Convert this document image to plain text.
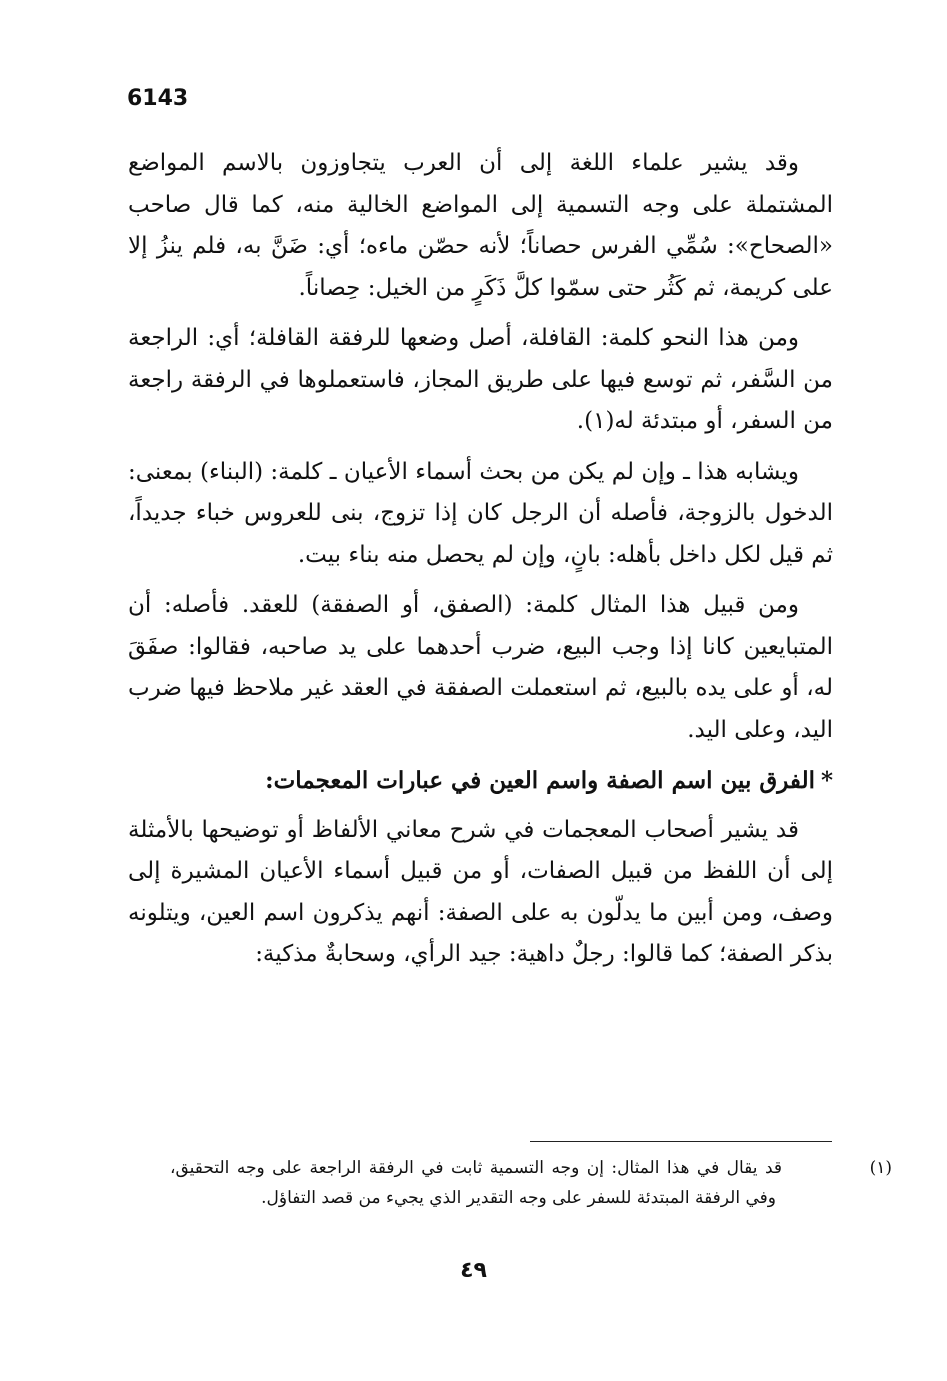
6143

وقد يشير علماء اللغة إلى أن العرب يتجاوزون بالاسم المواضع المشتملة على وجه التسمية إلى المواضع الخالية منه، كما قال صاحب «الصحاح»: سُمِّي الفرس حصاناً؛ لأنه حصّن ماءه؛ أي: ضَنَّ به، فلم ينزُ إلا على كريمة، ثم كَثُر حتى سمّوا كلَّ ذَكَرٍ من الخيل: حِصاناً.

ومن هذا النحو كلمة: القافلة، أصل وضعها للرفقة القافلة؛ أي: الراجعة من السَّفر، ثم توسع فيها على طريق المجاز، فاستعملوها في الرفقة راجعة من السفر، أو مبتدئة له(١).

ويشابه هذا ـ وإن لم يكن من بحث أسماء الأعيان ـ كلمة: (البناء) بمعنى: الدخول بالزوجة، فأصله أن الرجل كان إذا تزوج، بنى للعروس خباء جديداً، ثم قيل لكل داخل بأهله: بانٍ، وإن لم يحصل منه بناء بيت.

ومن قبيل هذا المثال كلمة: (الصفق، أو الصفقة) للعقد. فأصله: أن المتبايعين كانا إذا وجب البيع، ضرب أحدهما على يد صاحبه، فقالوا: صفَقَ له، أو على يده بالبيع، ثم استعملت الصفقة في العقد غير ملاحظ فيها ضرب اليد، وعلى اليد.

*الفرق بين اسم الصفة واسم العين في عبارات المعجمات:

قد يشير أصحاب المعجمات في شرح معاني الألفاظ أو توضيحها بالأمثلة إلى أن اللفظ من قبيل الصفات، أو من قبيل أسماء الأعيان المشيرة إلى وصف، ومن أبين ما يدلّون به على الصفة: أنهم يذكرون اسم العين، ويتلونه بذكر الصفة؛ كما قالوا: رجلٌ داهية: جيد الرأي، وسحابةٌ مذكية:

(١)قد يقال في هذا المثال: إن وجه التسمية ثابت في الرفقة الراجعة على وجه التحقيق، وفي الرفقة المبتدئة للسفر على وجه التقدير الذي يجيء من قصد التفاؤل.

٤٩
